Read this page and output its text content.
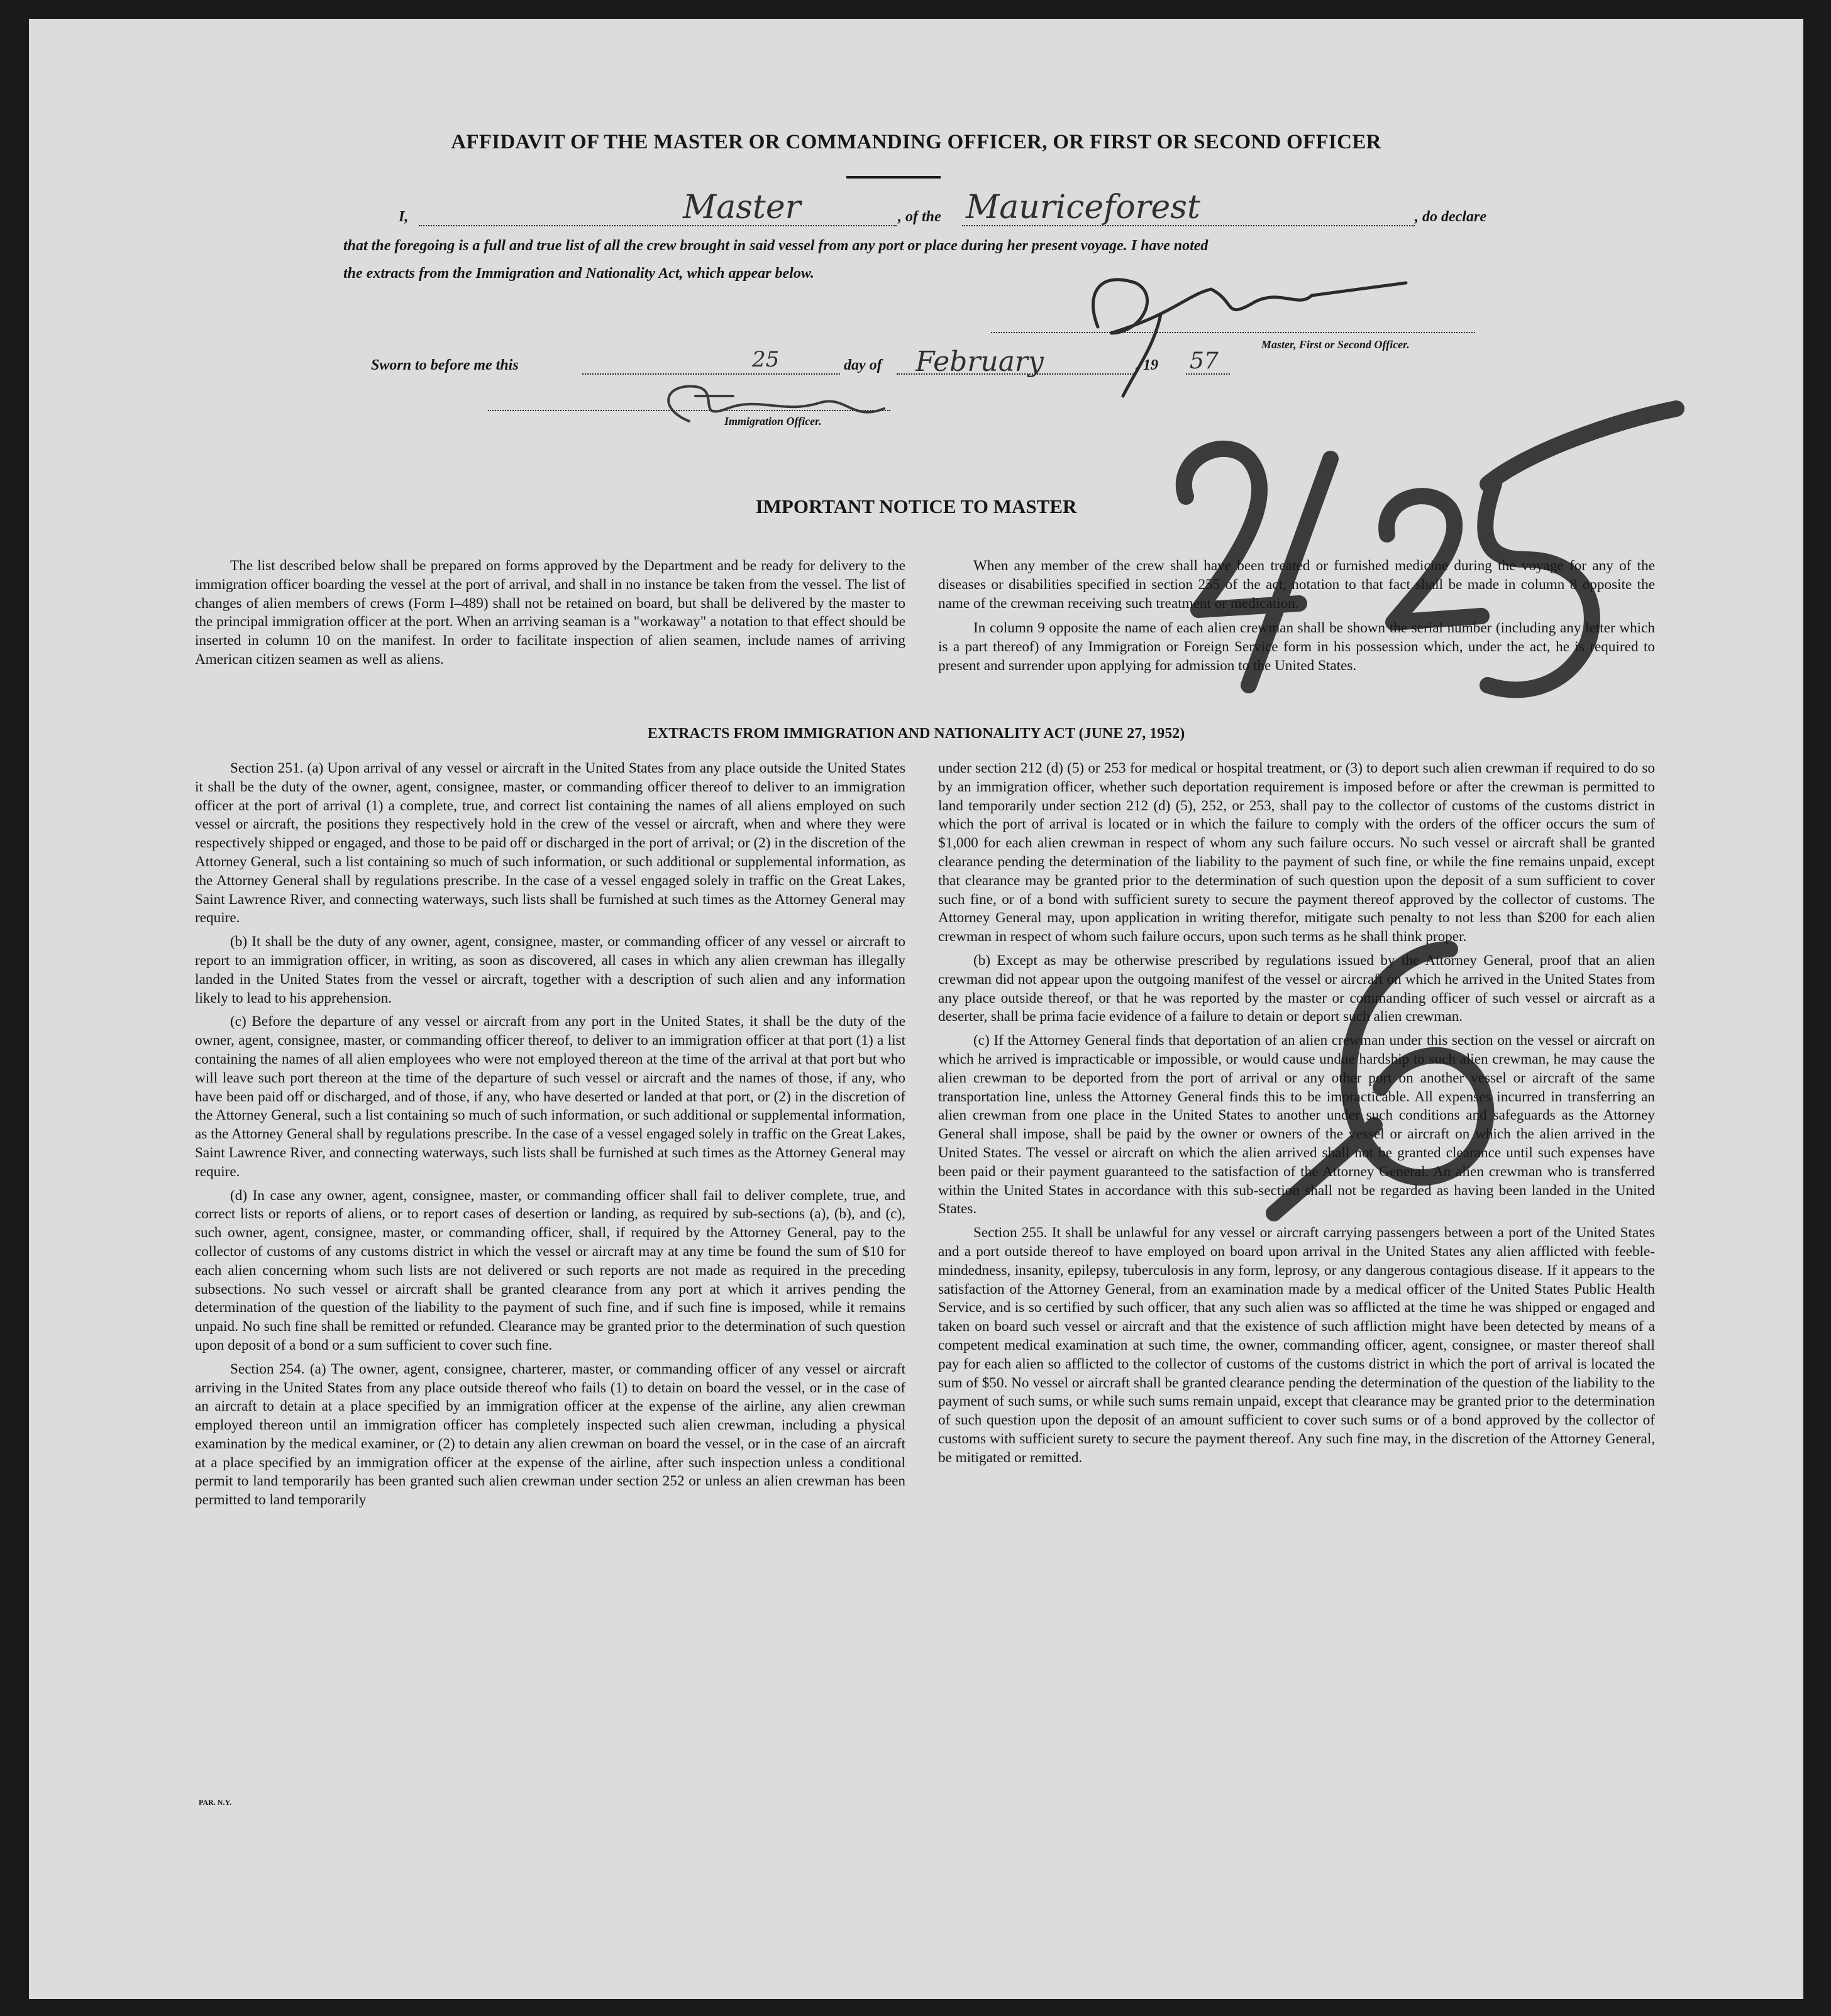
AFFIDAVIT OF THE MASTER OR COMMANDING OFFICER, OR FIRST OR SECOND OFFICER
I,	Master	, of the Mauriceforest	, do declare
that the foregoing is a full and true list of all the crew brought in said vessel from any port or place during her present voyage. I have noted
the extracts from the Immigration and Nationality Act, which appear below.
Master, First or Second Officer.
Sworn to before me this	25	day of February	, 19 57
Immigration Officer.
IMPORTANT NOTICE TO MASTER

The list described below shall be prepared on forms approved by the Department and be ready for delivery to the immigration officer boarding the vessel at the port of arrival, and shall in no instance be taken from the vessel. The list of changes of alien members of crews (Form I–489) shall not be retained on board, but shall be delivered by the master to the principal immigration officer at the port. When an arriving seaman is a "workaway" a notation to that effect should be inserted in column 10 on the manifest. In order to facilitate inspection of alien seamen, include names of arriving American citizen seamen as well as aliens.

When any member of the crew shall have been treated or furnished medicine during the voyage for any of the diseases or disabilities specified in section 255 of the act, notation to that fact shall be made in column 8 opposite the name of the crewman receiving such treatment or medication.

In column 9 opposite the name of each alien crewman shall be shown the serial number (including any letter which is a part thereof) of any Immigration or Foreign Service form in his possession which, under the act, he is required to present and surrender upon applying for admission to the United States.

EXTRACTS FROM IMMIGRATION AND NATIONALITY ACT (JUNE 27, 1952)

Section 251. (a) Upon arrival of any vessel or aircraft in the United States from any place outside the United States it shall be the duty of the owner, agent, consignee, master, or commanding officer thereof to deliver to an immigration officer at the port of arrival (1) a complete, true, and correct list containing the names of all aliens employed on such vessel or aircraft, the positions they respectively hold in the crew of the vessel or aircraft, when and where they were respectively shipped or engaged, and those to be paid off or discharged in the port of arrival; or (2) in the discretion of the Attorney General, such a list containing so much of such information, or such additional or supplemental information, as the Attorney General shall by regulations prescribe. In the case of a vessel engaged solely in traffic on the Great Lakes, Saint Lawrence River, and connecting waterways, such lists shall be furnished at such times as the Attorney General may require.

(b) It shall be the duty of any owner, agent, consignee, master, or commanding officer of any vessel or aircraft to report to an immigration officer, in writing, as soon as discovered, all cases in which any alien crewman has illegally landed in the United States from the vessel or aircraft, together with a description of such alien and any information likely to lead to his apprehension.

(c) Before the departure of any vessel or aircraft from any port in the United States, it shall be the duty of the owner, agent, consignee, master, or commanding officer thereof, to deliver to an immigration officer at that port (1) a list containing the names of all alien employees who were not employed thereon at the time of the arrival at that port but who will leave such port thereon at the time of the departure of such vessel or aircraft and the names of those, if any, who have been paid off or discharged, and of those, if any, who have deserted or landed at that port, or (2) in the discretion of the Attorney General, such a list containing so much of such information, or such additional or supplemental information, as the Attorney General shall by regulations prescribe. In the case of a vessel engaged solely in traffic on the Great Lakes, Saint Lawrence River, and connecting waterways, such lists shall be furnished at such times as the Attorney General may require.

(d) In case any owner, agent, consignee, master, or commanding officer shall fail to deliver complete, true, and correct lists or reports of aliens, or to report cases of desertion or landing, as required by sub-sections (a), (b), and (c), such owner, agent, consignee, master, or commanding officer, shall, if required by the Attorney General, pay to the collector of customs of any customs district in which the vessel or aircraft may at any time be found the sum of $10 for each alien concerning whom such lists are not delivered or such reports are not made as required in the preceding subsections. No such vessel or aircraft shall be granted clearance from any port at which it arrives pending the determination of the question of the liability to the payment of such fine, and if such fine is imposed, while it remains unpaid. No such fine shall be remitted or refunded. Clearance may be granted prior to the determination of such question upon deposit of a bond or a sum sufficient to cover such fine.

Section 254. (a) The owner, agent, consignee, charterer, master, or commanding officer of any vessel or aircraft arriving in the United States from any place outside thereof who fails (1) to detain on board the vessel, or in the case of an aircraft to detain at a place specified by an immigration officer at the expense of the airline, any alien crewman employed thereon until an immigration officer has completely inspected such alien crewman, including a physical examination by the medical examiner, or (2) to detain any alien crewman on board the vessel, or in the case of an aircraft at a place specified by an immigration officer at the expense of the airline, after such inspection unless a conditional permit to land temporarily has been granted such alien crewman under section 252 or unless an alien crewman has been permitted to land temporarily

under section 212 (d) (5) or 253 for medical or hospital treatment, or (3) to deport such alien crewman if required to do so by an immigration officer, whether such deportation requirement is imposed before or after the crewman is permitted to land temporarily under section 212 (d) (5), 252, or 253, shall pay to the collector of customs of the customs district in which the port of arrival is located or in which the failure to comply with the orders of the officer occurs the sum of $1,000 for each alien crewman in respect of whom any such failure occurs. No such vessel or aircraft shall be granted clearance pending the determination of the liability to the payment of such fine, or while the fine remains unpaid, except that clearance may be granted prior to the determination of such question upon the deposit of a sum sufficient to cover such fine, or of a bond with sufficient surety to secure the payment thereof approved by the collector of customs. The Attorney General may, upon application in writing therefor, mitigate such penalty to not less than $200 for each alien crewman in respect of whom such failure occurs, upon such terms as he shall think proper.

(b) Except as may be otherwise prescribed by regulations issued by the Attorney General, proof that an alien crewman did not appear upon the outgoing manifest of the vessel or aircraft on which he arrived in the United States from any place outside thereof, or that he was reported by the master or commanding officer of such vessel or aircraft as a deserter, shall be prima facie evidence of a failure to detain or deport such alien crewman.

(c) If the Attorney General finds that deportation of an alien crewman under this section on the vessel or aircraft on which he arrived is impracticable or impossible, or would cause undue hardship to such alien crewman, he may cause the alien crewman to be deported from the port of arrival or any other port on another vessel or aircraft of the same transportation line, unless the Attorney General finds this to be impracticable. All expenses incurred in transferring an alien crewman from one place in the United States to another under such conditions and safeguards as the Attorney General shall impose, shall be paid by the owner or owners of the vessel or aircraft on which the alien arrived in the United States. The vessel or aircraft on which the alien arrived shall not be granted clearance until such expenses have been paid or their payment guaranteed to the satisfaction of the Attorney General. An alien crewman who is transferred within the United States in accordance with this sub-section shall not be regarded as having been landed in the United States.

Section 255. It shall be unlawful for any vessel or aircraft carrying passengers between a port of the United States and a port outside thereof to have employed on board upon arrival in the United States any alien afflicted with feeble-mindedness, insanity, epilepsy, tuberculosis in any form, leprosy, or any dangerous contagious disease. If it appears to the satisfaction of the Attorney General, from an examination made by a medical officer of the United States Public Health Service, and is so certified by such officer, that any such alien was so afflicted at the time he was shipped or engaged and taken on board such vessel or aircraft and that the existence of such affliction might have been detected by means of a competent medical examination at such time, the owner, commanding officer, agent, consignee, or master thereof shall pay for each alien so afflicted to the collector of customs of the customs district in which the port of arrival is located the sum of $50. No vessel or aircraft shall be granted clearance pending the determination of the question of the liability to the payment of such sums, or while such sums remain unpaid, except that clearance may be granted prior to the determination of such question upon the deposit of an amount sufficient to cover such sums or of a bond approved by the collector of customs with sufficient surety to secure the payment thereof. Any such fine may, in the discretion of the Attorney General, be mitigated or remitted.

PAR. N.Y.
